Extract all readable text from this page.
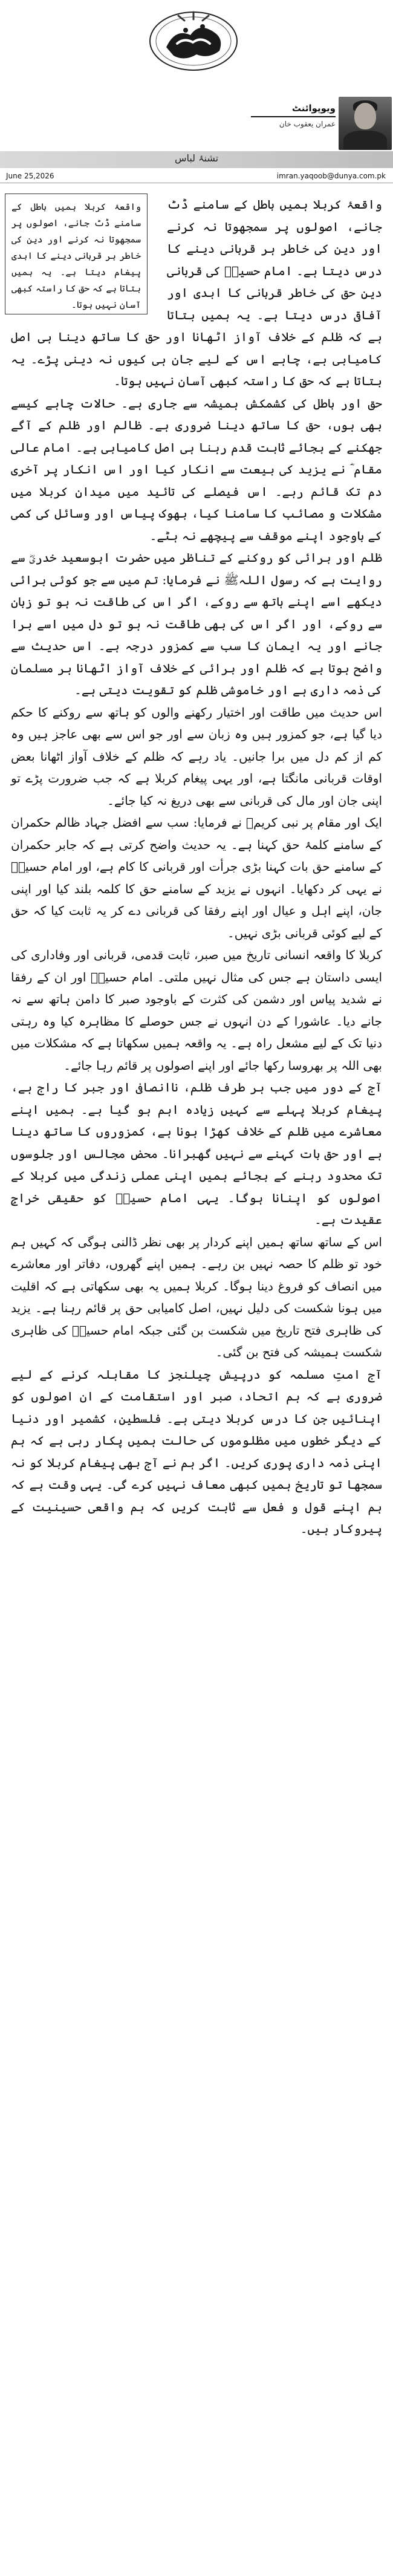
ویوپوائنٹ
عمران یعقوب خان
تشنۂ لباس
June 25,2026	imran.yaqoob@dunya.com.pk
واقعۂ کربلا ہمیں باطل کے سامنے ڈٹ جانے، اصولوں پر سمجھوتا نہ کرنے اور دین کی خاطر ہر قربانی دینے کا ابدی پیغام دیتا ہے۔ یہ ہمیں بتاتا ہے کہ حق کا راستہ کبھی آسان نہیں ہوتا۔

واقعۂ کربلا ہمیں باطل کے سامنے ڈٹ جانے، اصولوں پر سمجھوتا نہ کرنے اور دین کی خاطر ہر قربانی دینے کا درس دیتا ہے۔ امام حسینؓ کی قربانی دینِ حق کی خاطر قربانی کا ابدی اور آفاقی درس دیتا ہے۔ یہ ہمیں بتاتا ہے کہ ظلم کے خلاف آواز اٹھانا اور حق کا ساتھ دینا ہی اصل کامیابی ہے، چاہے اس کے لیے جان ہی کیوں نہ دینی پڑے۔ یہ بتاتا ہے کہ حق کا راستہ کبھی آسان نہیں ہوتا۔

حق اور باطل کی کشمکش ہمیشہ سے جاری ہے۔ حالات چاہے کیسے بھی ہوں، حق کا ساتھ دینا ضروری ہے۔ ظالم اور ظلم کے آگے جھکنے کے بجائے ثابت قدم رہنا ہی اصل کامیابی ہے۔ امام عالی مقام ؓ نے یزید کی بیعت سے انکار کیا اور اس انکار پر آخری دم تک قائم رہے۔ اس فیصلے کی تائید میں میدانِ کربلا میں مشکلات و مصائب کا سامنا کیا، بھوک پیاس اور وسائل کی کمی کے باوجود اپنے موقف سے پیچھے نہ ہٹے۔

ظلم اور برائی کو روکنے کے تناظر میں حضرت ابوسعید خدریؓ سے روایت ہے کہ رسول اللہﷺ نے فرمایا: تم میں سے جو کوئی برائی دیکھے اسے اپنے ہاتھ سے روکے، اگر اس کی طاقت نہ ہو تو زبان سے روکے، اور اگر اس کی بھی طاقت نہ ہو تو دل میں اسے برا جانے اور یہ ایمان کا سب سے کمزور درجہ ہے۔ اس حدیث سے واضح ہوتا ہے کہ ظلم اور برائی کے خلاف آواز اٹھانا ہر مسلمان کی ذمہ داری ہے اور خاموشی ظلم کو تقویت دیتی ہے۔

اس حدیث میں طاقت اور اختیار رکھنے والوں کو ہاتھ سے روکنے کا حکم دیا گیا ہے، جو کمزور ہیں وہ زبان سے اور جو اس سے بھی عاجز ہیں وہ کم از کم دل میں برا جانیں۔ یاد رہے کہ ظلم کے خلاف آواز اٹھانا بعض اوقات قربانی مانگتا ہے، اور یہی پیغام کربلا ہے کہ جب ضرورت پڑے تو اپنی جان اور مال کی قربانی سے بھی دریغ نہ کیا جائے۔

ایک اور مقام پر نبی کریمﷺ نے فرمایا: سب سے افضل جہاد ظالم حکمران کے سامنے کلمۂ حق کہنا ہے۔ یہ حدیث واضح کرتی ہے کہ جابر حکمران کے سامنے حق بات کہنا بڑی جرأت اور قربانی کا کام ہے، اور امام حسینؓ نے یہی کر دکھایا۔ انہوں نے یزید کے سامنے حق کا کلمہ بلند کیا اور اپنی جان، اپنے اہل و عیال اور اپنے رفقا کی قربانی دے کر یہ ثابت کیا کہ حق کے لیے کوئی قربانی بڑی نہیں۔

کربلا کا واقعہ انسانی تاریخ میں صبر، ثابت قدمی، قربانی اور وفاداری کی ایسی داستان ہے جس کی مثال نہیں ملتی۔ امام حسینؓ اور ان کے رفقا نے شدید پیاس اور دشمن کی کثرت کے باوجود صبر کا دامن ہاتھ سے نہ جانے دیا۔ عاشورا کے دن انہوں نے جس حوصلے کا مظاہرہ کیا وہ رہتی دنیا تک کے لیے مشعل راہ ہے۔ یہ واقعہ ہمیں سکھاتا ہے کہ مشکلات میں بھی اللہ پر بھروسا رکھا جائے اور اپنے اصولوں پر قائم رہا جائے۔

آج کے دور میں جب ہر طرف ظلم، ناانصافی اور جبر کا راج ہے، پیغام کربلا پہلے سے کہیں زیادہ اہم ہو گیا ہے۔ ہمیں اپنے معاشرے میں ظلم کے خلاف کھڑا ہونا ہے، کمزوروں کا ساتھ دینا ہے اور حق بات کہنے سے نہیں گھبرانا۔ محض مجالس اور جلوسوں تک محدود رہنے کے بجائے ہمیں اپنی عملی زندگی میں کربلا کے اصولوں کو اپنانا ہوگا۔ یہی امام حسینؓ کو حقیقی خراجِ عقیدت ہے۔

اس کے ساتھ ساتھ ہمیں اپنے کردار پر بھی نظر ڈالنی ہوگی کہ کہیں ہم خود تو ظلم کا حصہ نہیں بن رہے۔ ہمیں اپنے گھروں، دفاتر اور معاشرے میں انصاف کو فروغ دینا ہوگا۔ کربلا ہمیں یہ بھی سکھاتی ہے کہ اقلیت میں ہونا شکست کی دلیل نہیں، اصل کامیابی حق پر قائم رہنا ہے۔ یزید کی ظاہری فتح تاریخ میں شکست بن گئی جبکہ امام حسینؓ کی ظاہری شکست ہمیشہ کی فتح بن گئی۔

آج امتِ مسلمہ کو درپیش چیلنجز کا مقابلہ کرنے کے لیے ضروری ہے کہ ہم اتحاد، صبر اور استقامت کے ان اصولوں کو اپنائیں جن کا درس کربلا دیتی ہے۔ فلسطین، کشمیر اور دنیا کے دیگر خطوں میں مظلوموں کی حالت ہمیں پکار رہی ہے کہ ہم اپنی ذمہ داری پوری کریں۔ اگر ہم نے آج بھی پیغام کربلا کو نہ سمجھا تو تاریخ ہمیں کبھی معاف نہیں کرے گی۔ یہی وقت ہے کہ ہم اپنے قول و فعل سے ثابت کریں کہ ہم واقعی حسینیت کے پیروکار ہیں۔
